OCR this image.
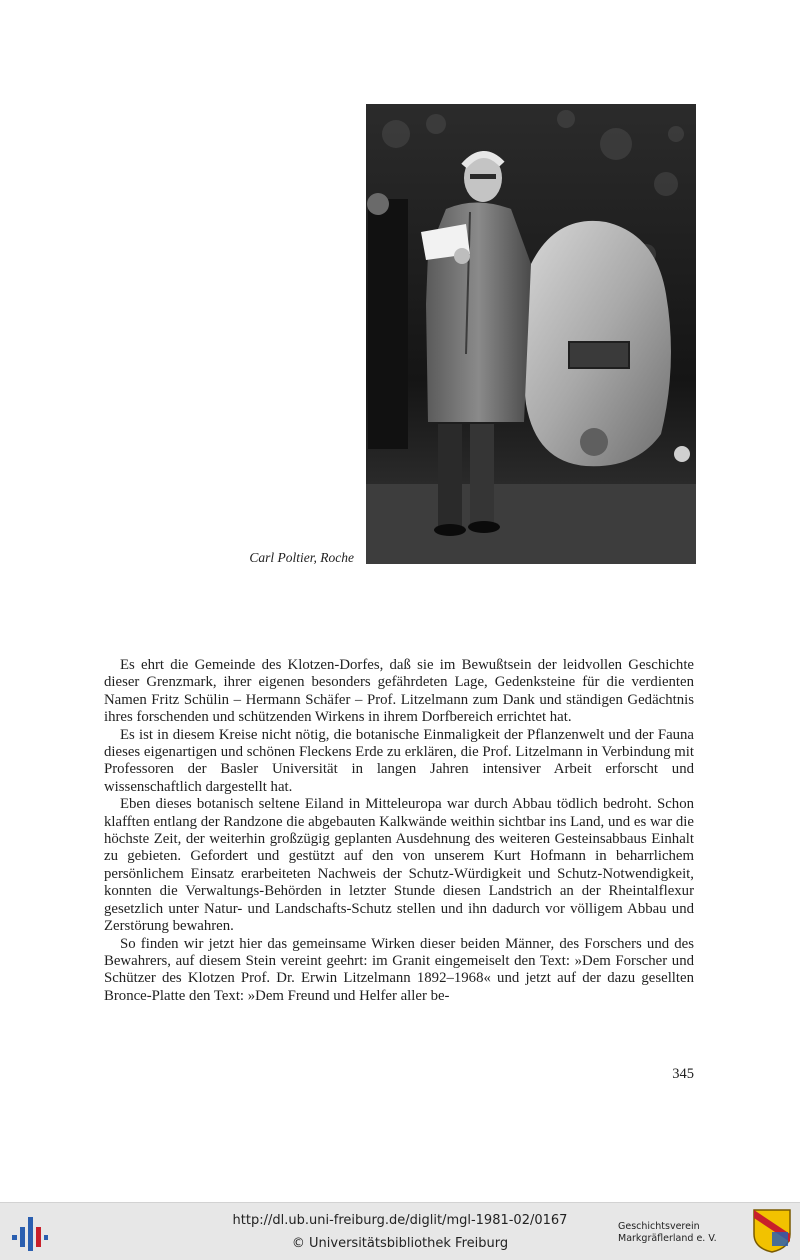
Carl Poltier, Roche

Es ehrt die Gemeinde des Klotzen-Dorfes, daß sie im Bewußtsein der leidvollen Geschichte dieser Grenzmark, ihrer eigenen besonders gefährdeten Lage, Gedenksteine für die verdienten Namen Fritz Schülin – Hermann Schäfer – Prof. Litzelmann zum Dank und ständigen Gedächtnis ihres forschenden und schützenden Wirkens in ihrem Dorfbereich errichtet hat.

Es ist in diesem Kreise nicht nötig, die botanische Einmaligkeit der Pflanzenwelt und der Fauna dieses eigenartigen und schönen Fleckens Erde zu erklären, die Prof. Litzelmann in Verbindung mit Professoren der Basler Universität in langen Jahren intensiver Arbeit erforscht und wissenschaftlich dargestellt hat.

Eben dieses botanisch seltene Eiland in Mitteleuropa war durch Abbau tödlich bedroht. Schon klafften entlang der Randzone die abgebauten Kalkwände weithin sichtbar ins Land, und es war die höchste Zeit, der weiterhin großzügig geplanten Ausdehnung des weiteren Gesteinsabbaus Einhalt zu gebieten. Gefordert und gestützt auf den von unserem Kurt Hofmann in beharrlichem persönlichem Einsatz erarbeiteten Nachweis der Schutz-Würdigkeit und Schutz-Notwendigkeit, konnten die Verwaltungs-Behörden in letzter Stunde diesen Landstrich an der Rheintalflexur gesetzlich unter Natur- und Landschafts-Schutz stellen und ihn dadurch vor völligem Abbau und Zerstörung bewahren.

So finden wir jetzt hier das gemeinsame Wirken dieser beiden Männer, des Forschers und des Bewahrers, auf diesem Stein vereint geehrt: im Granit eingemeiselt den Text: »Dem Forscher und Schützer des Klotzen Prof. Dr. Erwin Litzelmann 1892–1968« und jetzt auf der dazu gesellten Bronce-Platte den Text: »Dem Freund und Helfer aller be-

345
http://dl.ub.uni-freiburg.de/diglit/mgl-1981-02/0167
© Universitätsbibliothek Freiburg
Geschichtsverein
Markgräflerland e. V.
